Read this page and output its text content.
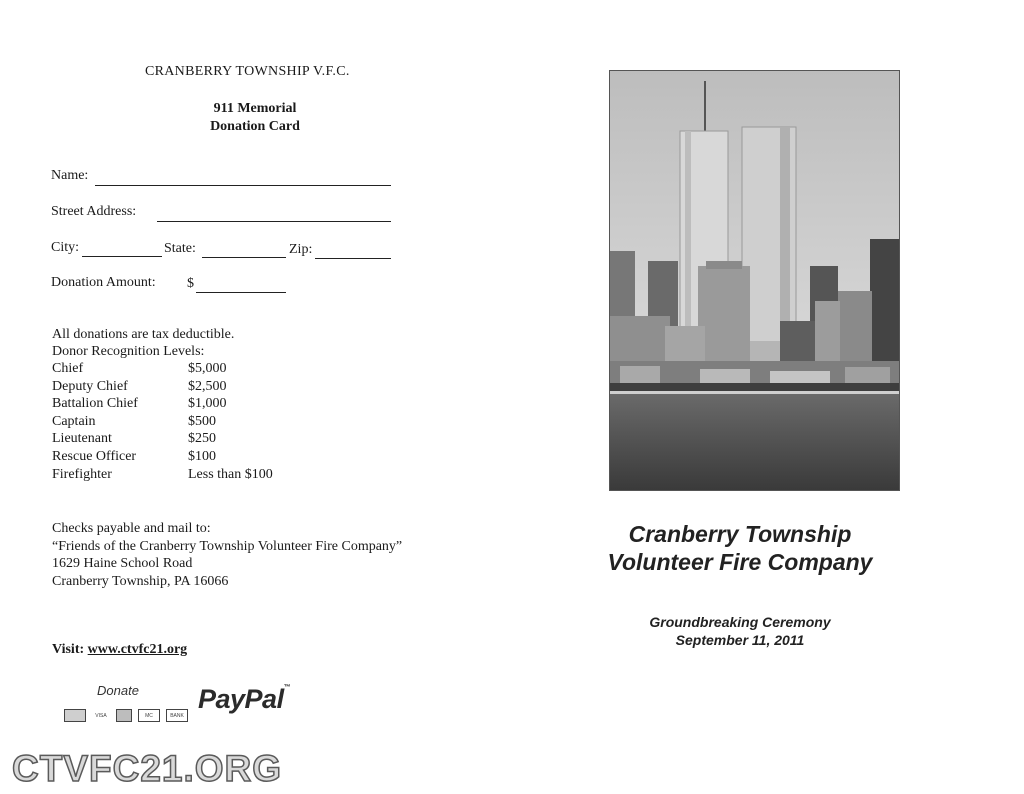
CRANBERRY TOWNSHIP V.F.C.
911 Memorial
Donation Card
Name:
Street Address:
City:	State:	Zip:
Donation Amount: $
All donations are tax deductible.
Donor Recognition Levels:
Chief	$5,000
Deputy Chief	$2,500
Battalion Chief	$1,000
Captain	$500
Lieutenant	$250
Rescue Officer	$100
Firefighter	Less than $100
Checks payable and mail to:
“Friends of the Cranberry Township Volunteer Fire Company”
1629 Haine School Road
Cranberry Township, PA 16066
Visit: www.ctvfc21.org
Donate
VISA	MC	BANK
PayPal™
CTVFC21.ORG
Cranberry Township
Volunteer Fire Company
Groundbreaking Ceremony
September 11, 2011
